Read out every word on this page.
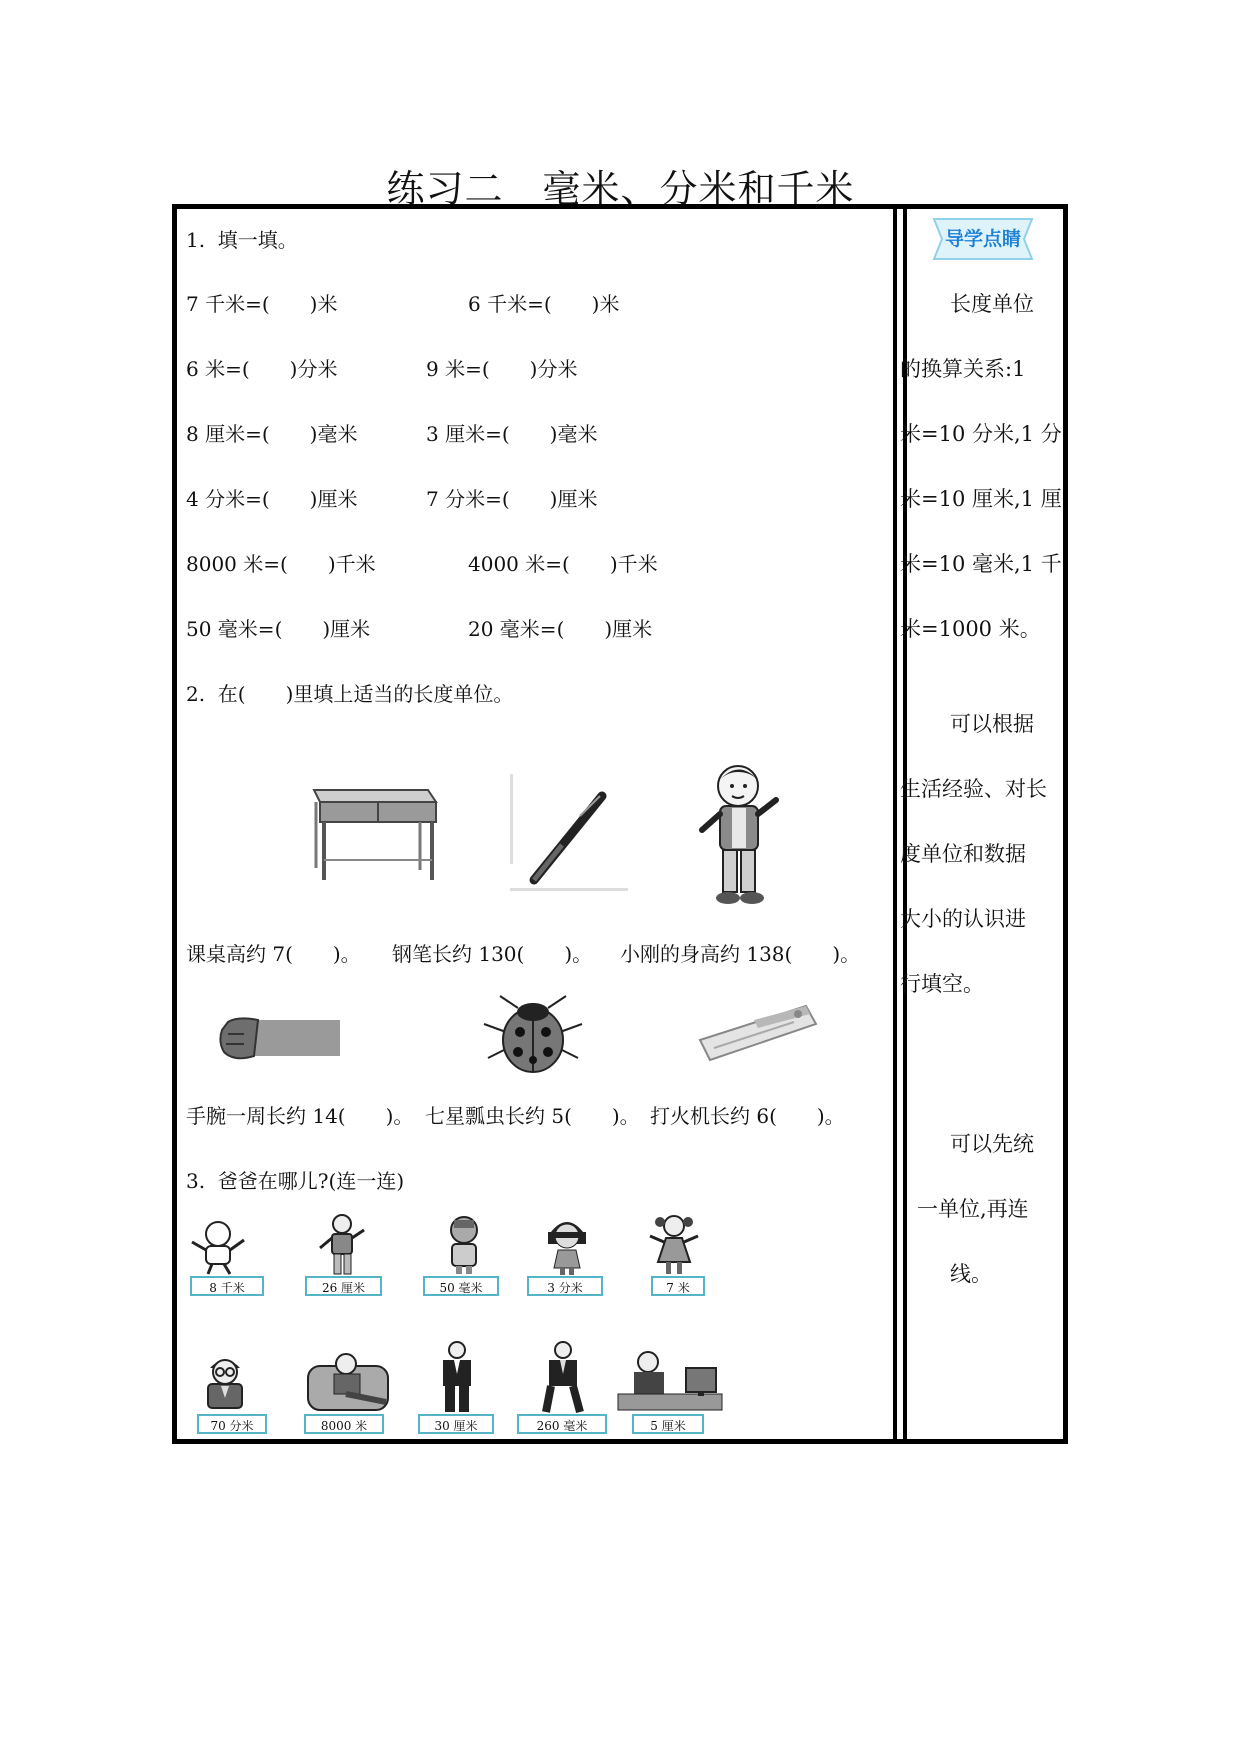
练习二　毫米、分米和千米
导学点睛
长度单位
的换算关系:1
米=10 分米,1 分
米=10 厘米,1 厘
米=10 毫米,1 千
米=1000 米。
可以根据
生活经验、对长
度单位和数据
大小的认识进
行填空。
可以先统
一单位,再连
线。
1.  填一填。
7 千米=(　　)米	6 千米=(　　)米
6 米=(　　)分米	9 米=(　　)分米
8 厘米=(　　)毫米	3 厘米=(　　)毫米
4 分米=(　　)厘米	7 分米=(　　)厘米
8000 米=(　　)千米	4000 米=(　　)千米
50 毫米=(　　)厘米	20 毫米=(　　)厘米
2.  在(　　)里填上适当的长度单位。
课桌高约 7(　　)。 钢笔长约 130(　　)。 小刚的身高约 138(　　)。
手腕一周长约 14(　　)。 七星瓢虫长约 5(　　)。 打火机长约 6(　　)。
3.  爸爸在哪儿?(连一连)
8 千米	26 厘米	50 毫米	3 分米	7 米
70 分米	8000 米	30 厘米	260 毫米	5 厘米
